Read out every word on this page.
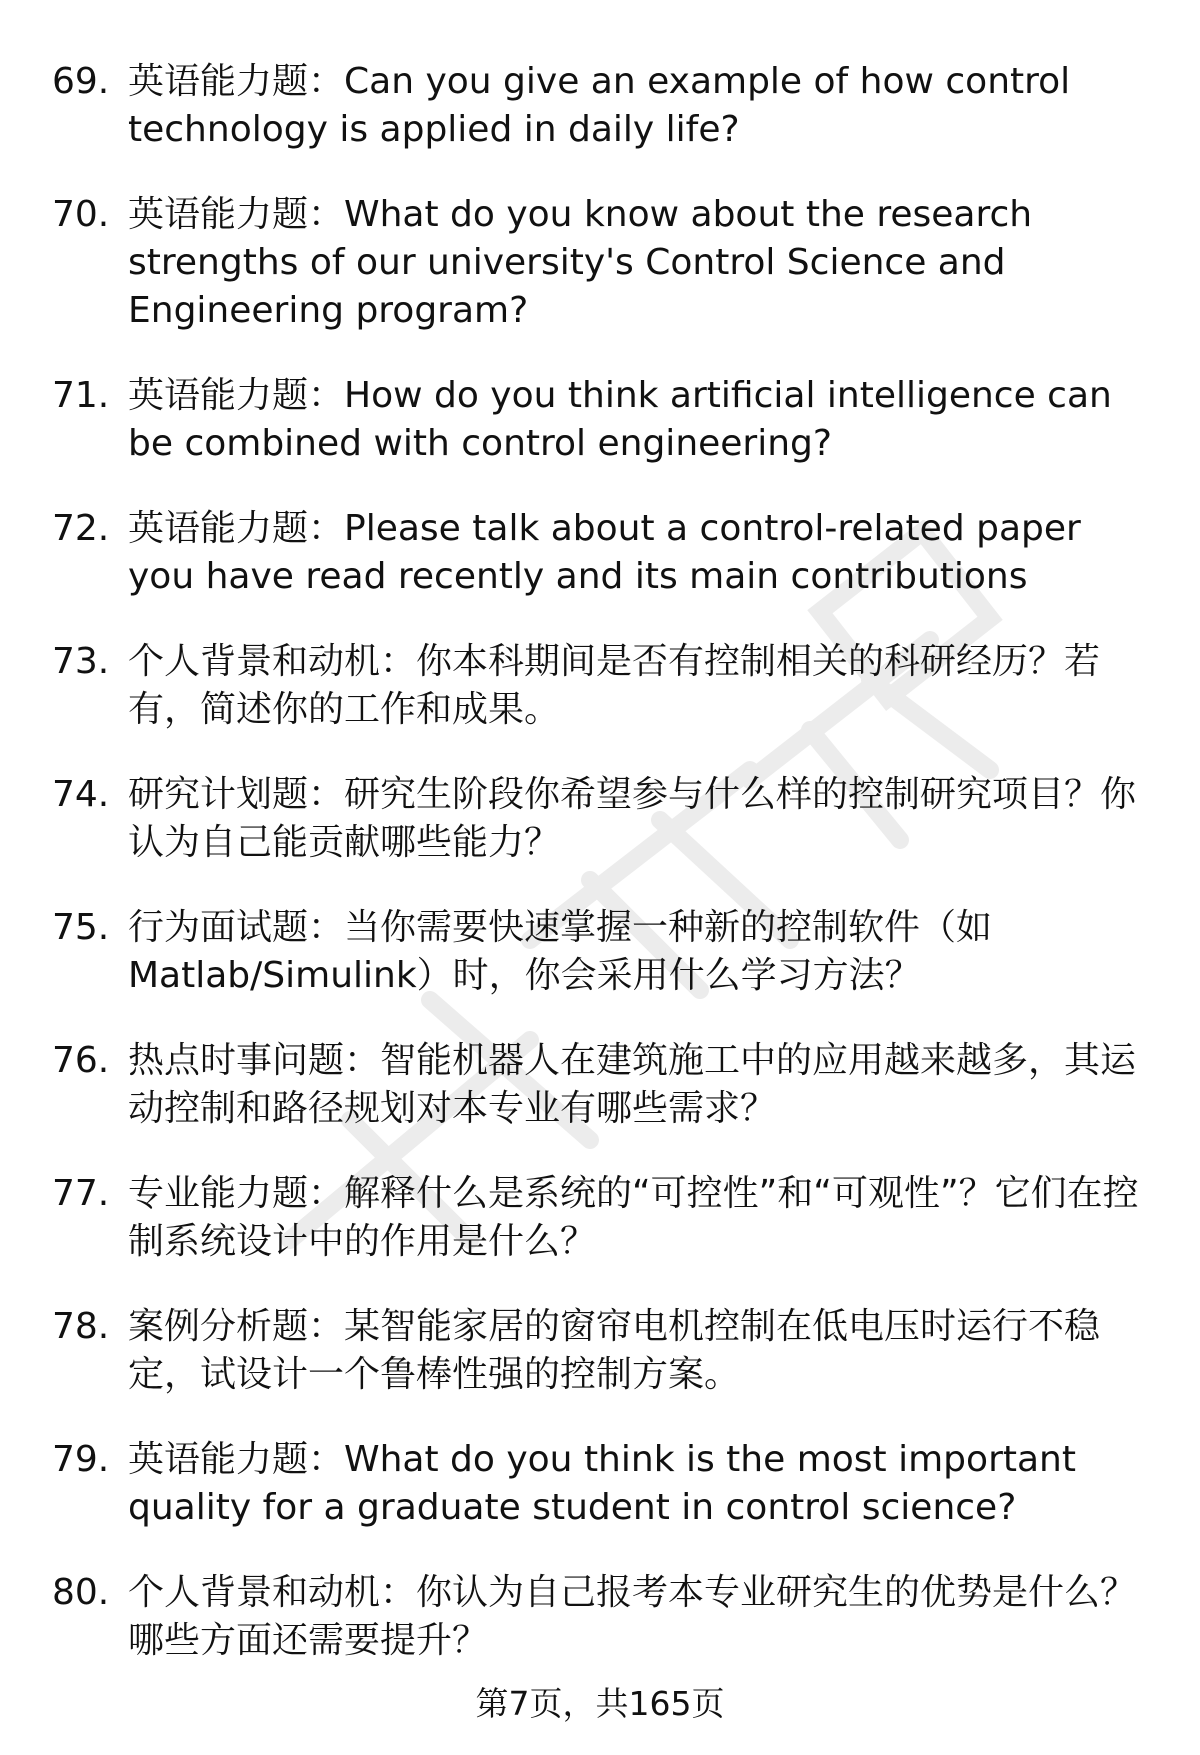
69. 英语能力题：Can you give an example of how control technology is applied in daily life?
70. 英语能力题：What do you know about the research strengths of our university's Control Science and Engineering program?
71. 英语能力题：How do you think artificial intelligence can be combined with control engineering?
72. 英语能力题：Please talk about a control-related paper you have read recently and its main contributions
73. 个人背景和动机：你本科期间是否有控制相关的科研经历？若有，简述你的工作和成果。
74. 研究计划题：研究生阶段你希望参与什么样的控制研究项目？你认为自己能贡献哪些能力？
75. 行为面试题：当你需要快速掌握一种新的控制软件（如Matlab/Simulink）时，你会采用什么学习方法？
76. 热点时事问题：智能机器人在建筑施工中的应用越来越多，其运动控制和路径规划对本专业有哪些需求？
77. 专业能力题：解释什么是系统的“可控性”和“可观性”？它们在控制系统设计中的作用是什么？
78. 案例分析题：某智能家居的窗帘电机控制在低电压时运行不稳定，试设计一个鲁棒性强的控制方案。
79. 英语能力题：What do you think is the most important quality for a graduate student in control science?
80. 个人背景和动机：你认为自己报考本专业研究生的优势是什么？哪些方面还需要提升？
第7页，共165页
